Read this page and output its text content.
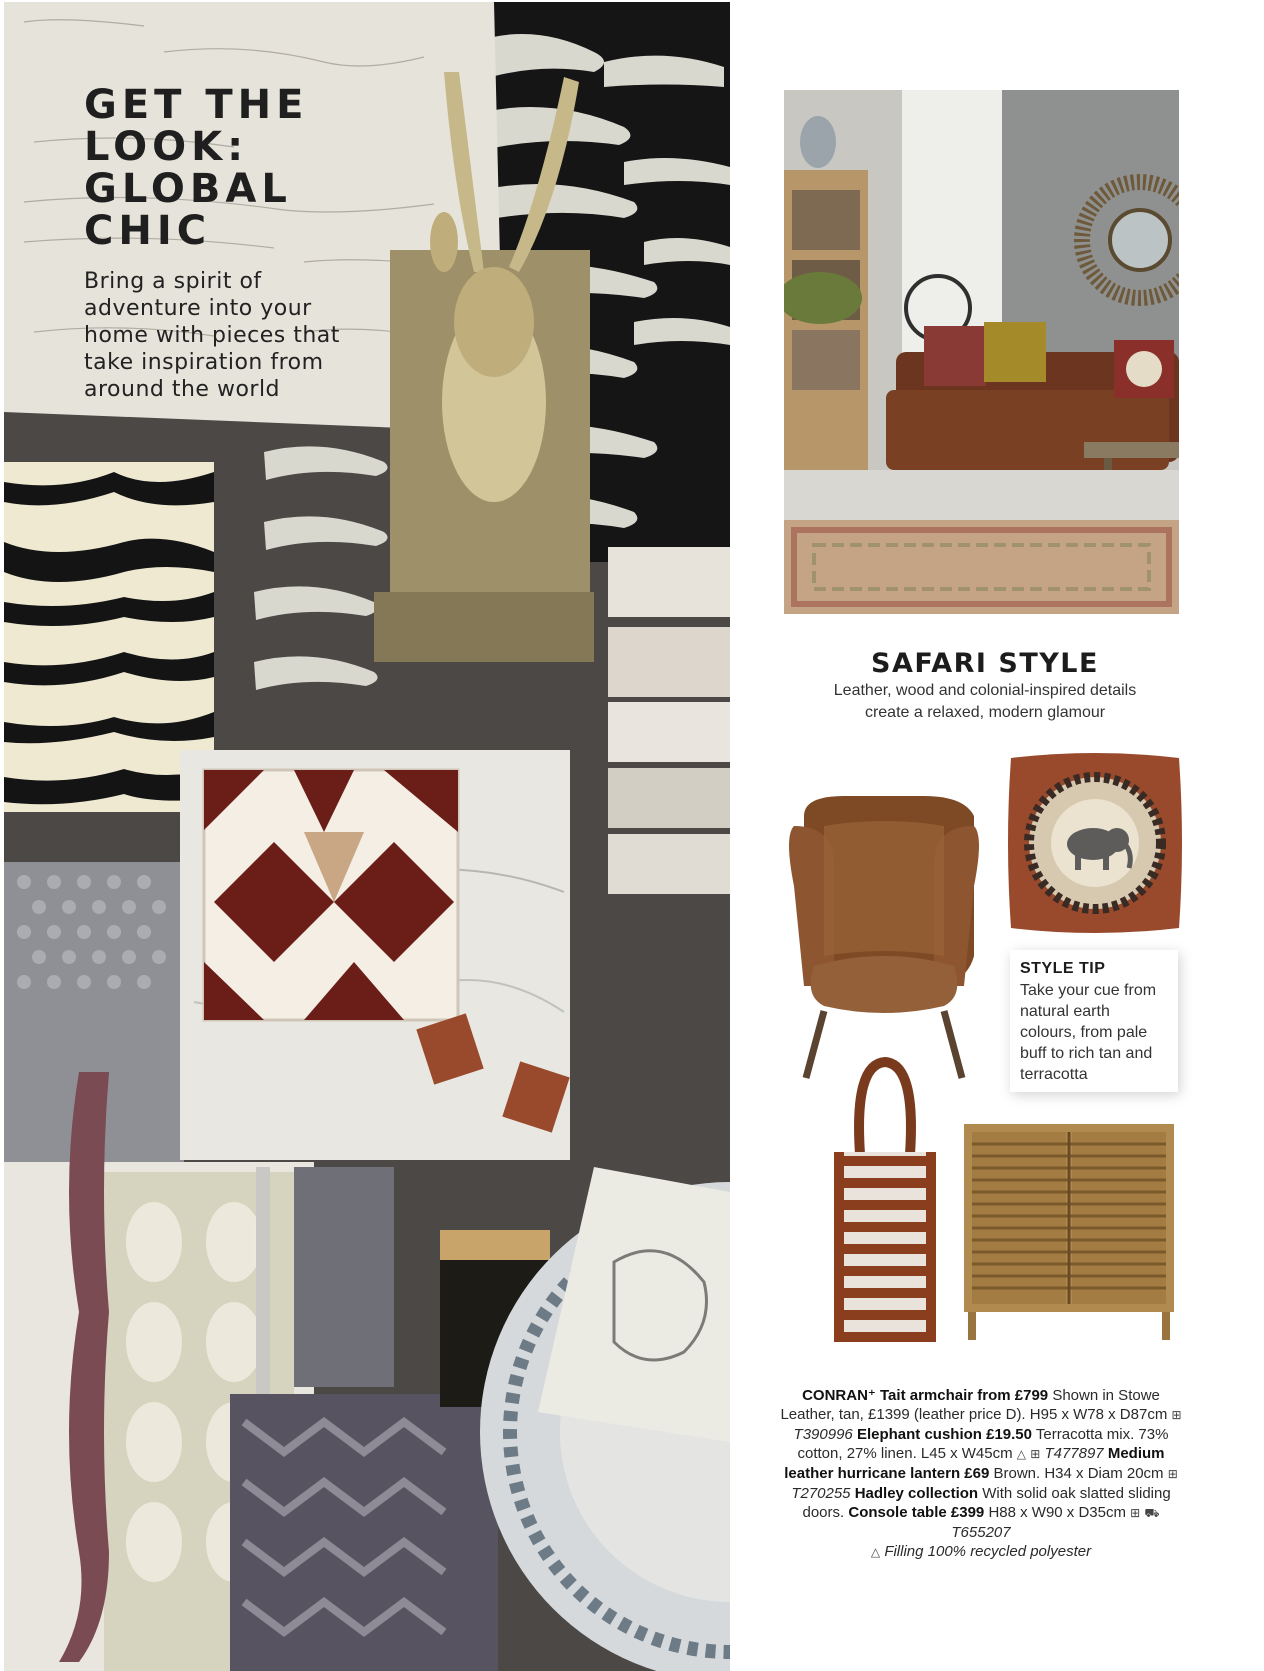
GET THE
LOOK:
GLOBAL
CHIC

Bring a spirit of adventure into your home with pieces that take inspiration from around the world

SAFARI STYLE

Leather, wood and colonial-inspired details
create a relaxed, modern glamour

STYLE TIP

Take your cue from natural earth colours, from pale buff to rich tan and terracotta

CONRAN⁺ Tait armchair from £799 Shown in Stowe Leather, tan, £1399 (leather price D). H95 x W78 x D87cm ⊞ T390996 Elephant cushion £19.50 Terracotta mix. 73% cotton, 27% linen. L45 x W45cm △ ⊞ T477897 Medium leather hurricane lantern £69 Brown. H34 x Diam 20cm ⊞ T270255 Hadley collection With solid oak slatted sliding doors. Console table £399 H88 x W90 x D35cm ⊞ ⛟ T655207
△ Filling 100% recycled polyester
